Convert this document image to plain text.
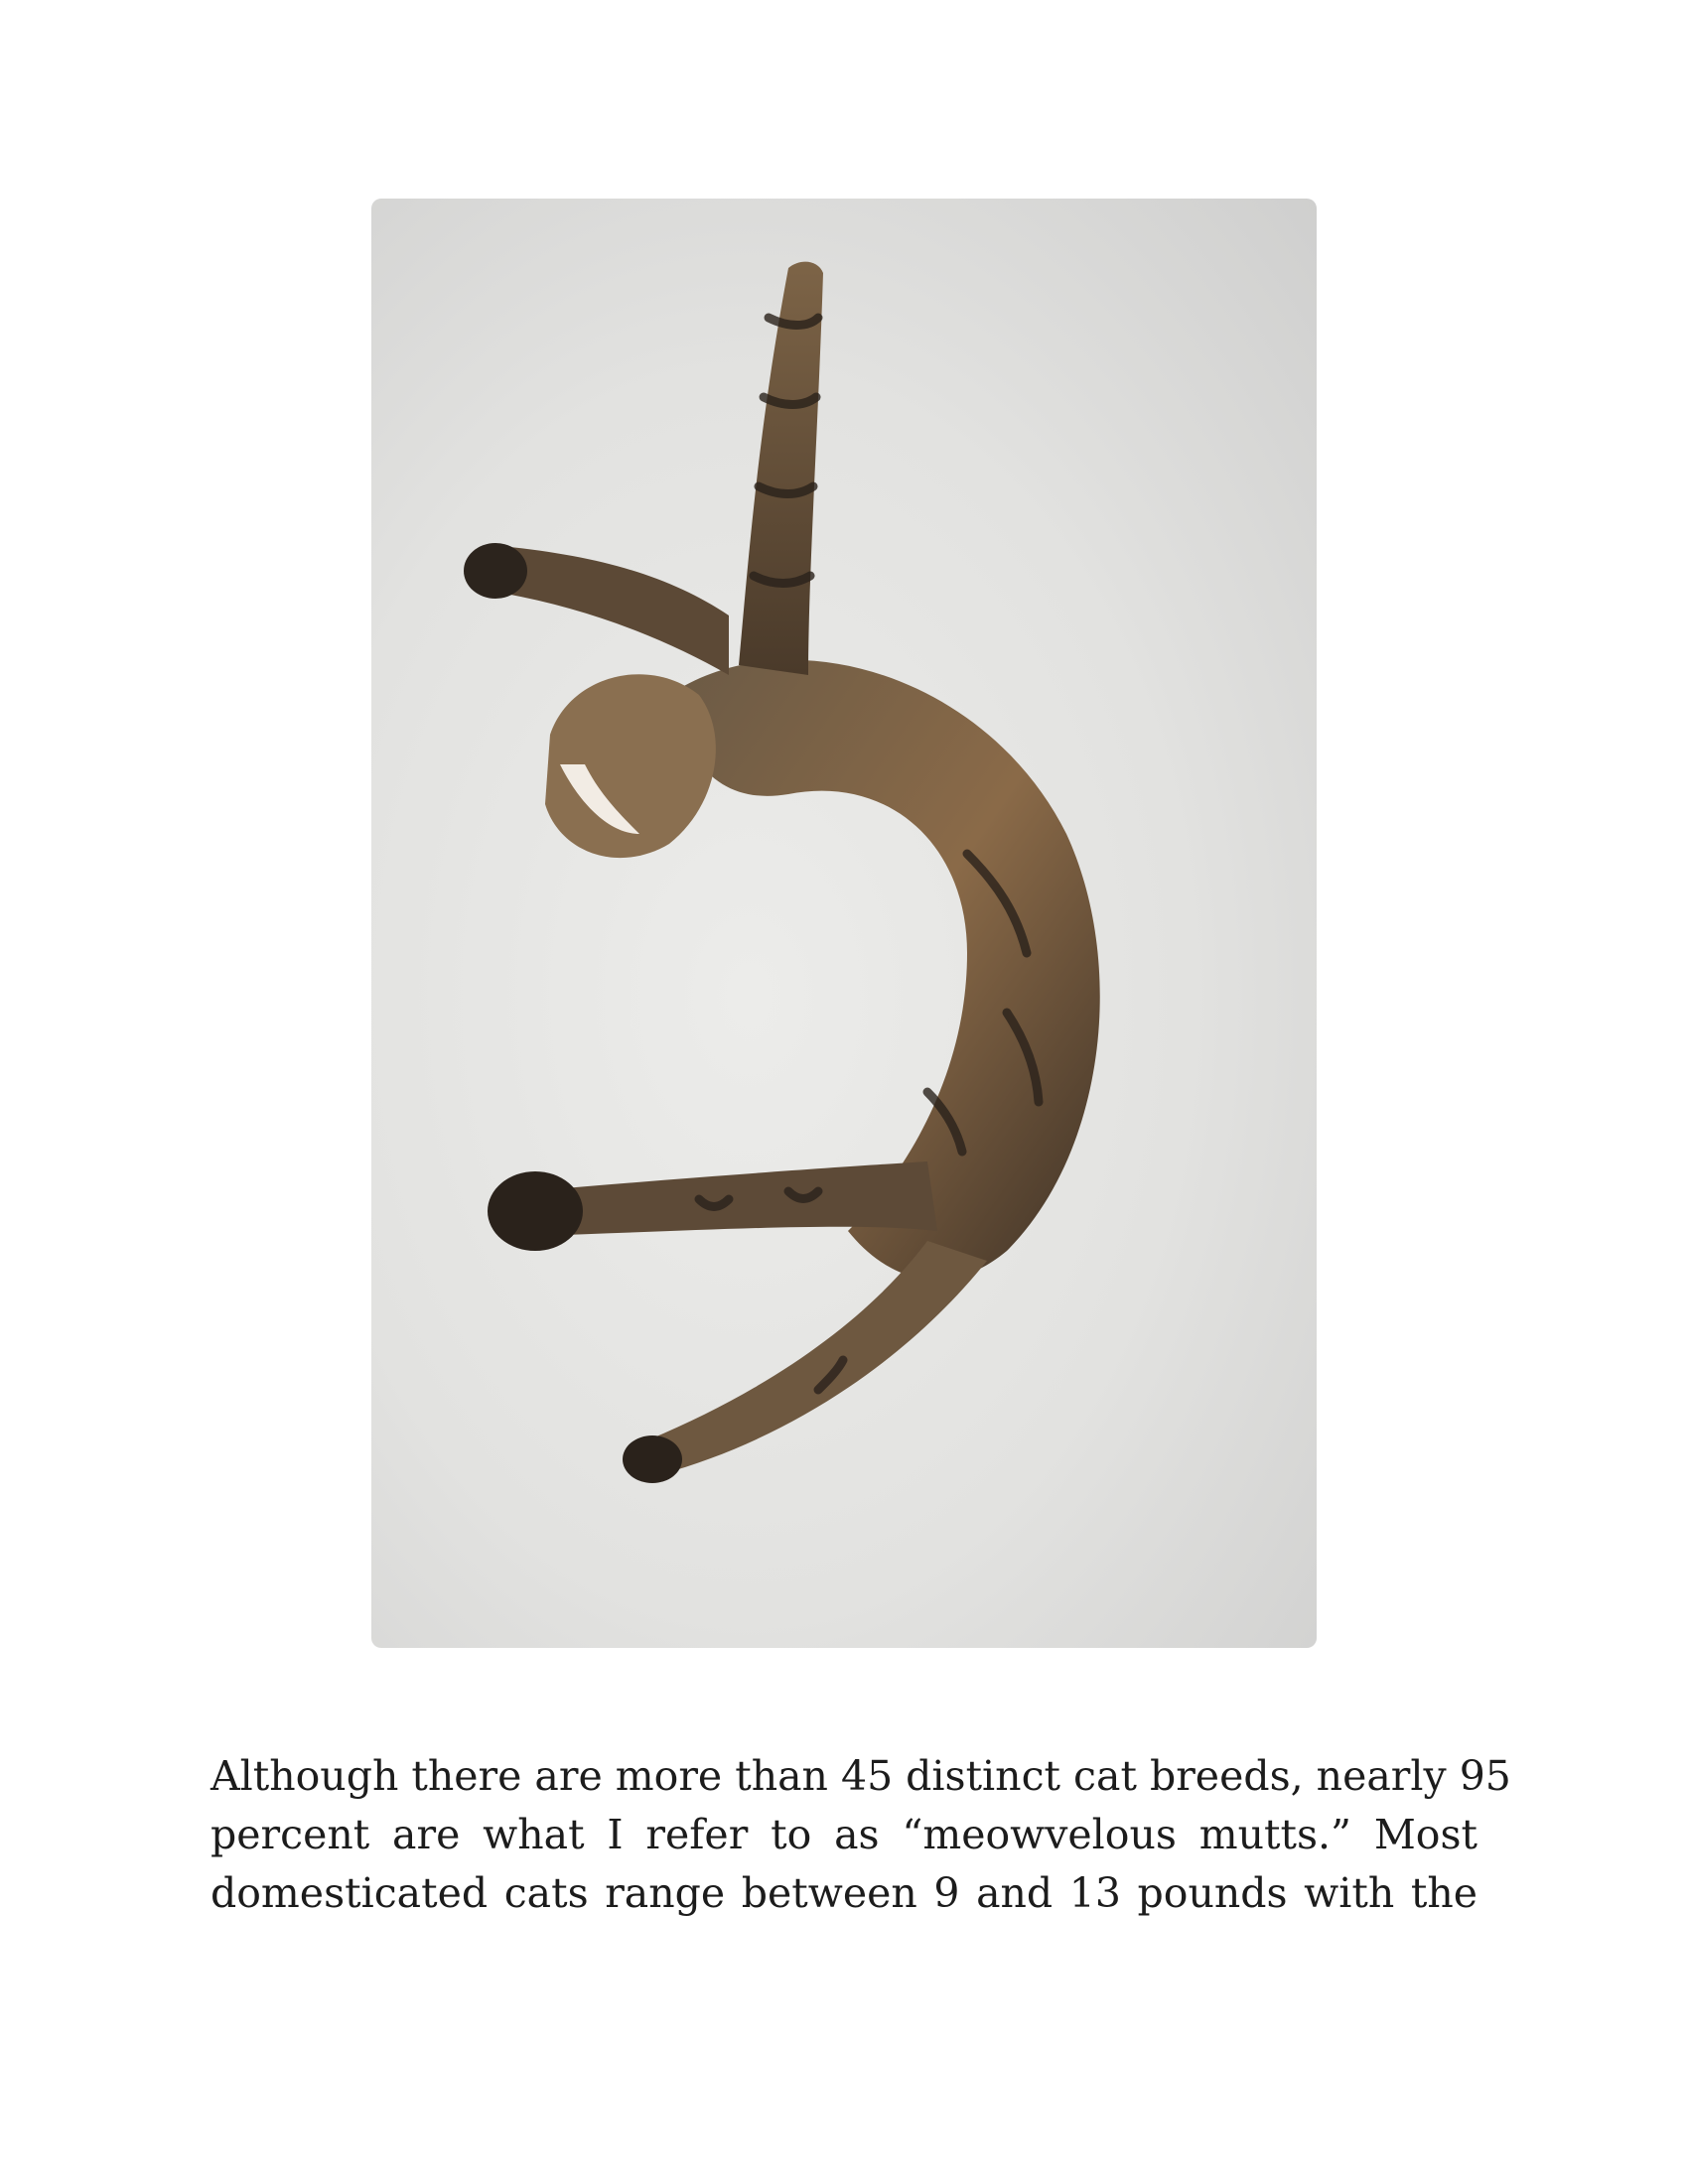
Although there are more than 45 distinct cat breeds, nearly 95
percent are what I refer to as “meowvelous mutts.” Most
domesticated cats range between 9 and 13 pounds with the
